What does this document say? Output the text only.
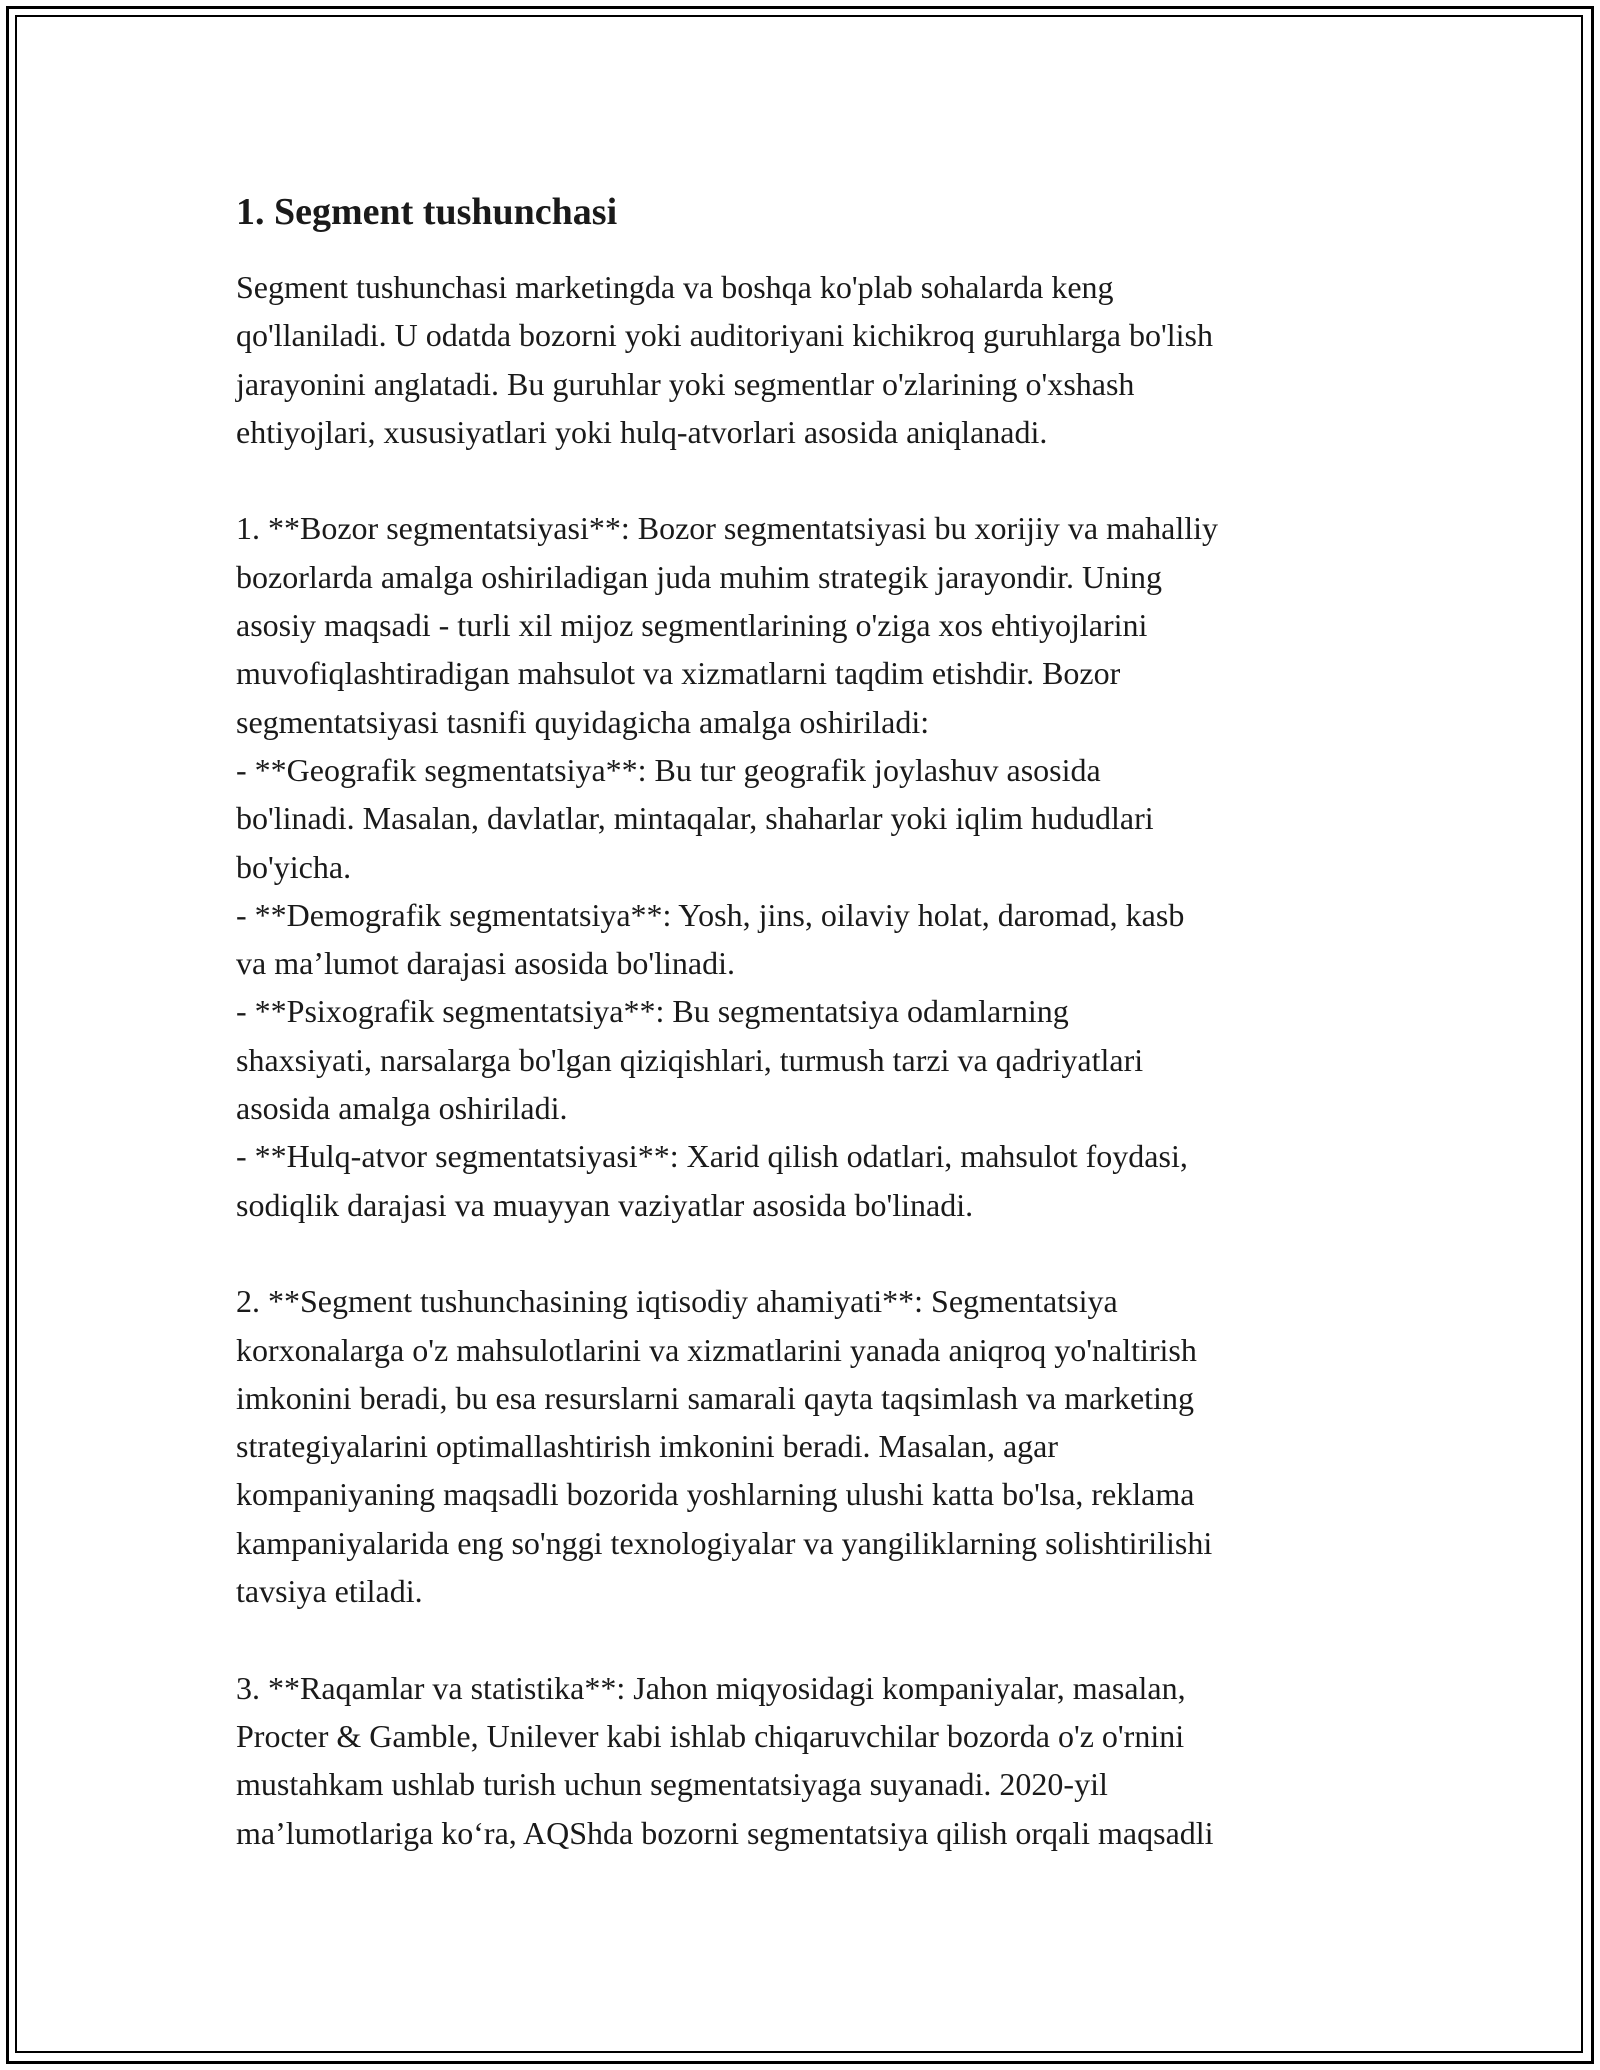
1. Segment tushunchasi

Segment tushunchasi marketingda va boshqa ko'plab sohalarda keng
qo'llaniladi. U odatda bozorni yoki auditoriyani kichikroq guruhlarga bo'lish
jarayonini anglatadi. Bu guruhlar yoki segmentlar o'zlarining o'xshash
ehtiyojlari, xususiyatlari yoki hulq-atvorlari asosida aniqlanadi.

1. **Bozor segmentatsiyasi**: Bozor segmentatsiyasi bu xorijiy va mahalliy
bozorlarda amalga oshiriladigan juda muhim strategik jarayondir. Uning
asosiy maqsadi - turli xil mijoz segmentlarining o'ziga xos ehtiyojlarini
muvofiqlashtiradigan mahsulot va xizmatlarni taqdim etishdir. Bozor
segmentatsiyasi tasnifi quyidagicha amalga oshiriladi:
- **Geografik segmentatsiya**: Bu tur geografik joylashuv asosida
bo'linadi. Masalan, davlatlar, mintaqalar, shaharlar yoki iqlim hududlari
bo'yicha.
- **Demografik segmentatsiya**: Yosh, jins, oilaviy holat, daromad, kasb
va ma’lumot darajasi asosida bo'linadi.
- **Psixografik segmentatsiya**: Bu segmentatsiya odamlarning
shaxsiyati, narsalarga bo'lgan qiziqishlari, turmush tarzi va qadriyatlari
asosida amalga oshiriladi.
- **Hulq-atvor segmentatsiyasi**: Xarid qilish odatlari, mahsulot foydasi,
sodiqlik darajasi va muayyan vaziyatlar asosida bo'linadi.

2. **Segment tushunchasining iqtisodiy ahamiyati**: Segmentatsiya
korxonalarga o'z mahsulotlarini va xizmatlarini yanada aniqroq yo'naltirish
imkonini beradi, bu esa resurslarni samarali qayta taqsimlash va marketing
strategiyalarini optimallashtirish imkonini beradi. Masalan, agar
kompaniyaning maqsadli bozorida yoshlarning ulushi katta bo'lsa, reklama
kampaniyalarida eng so'nggi texnologiyalar va yangiliklarning solishtirilishi
tavsiya etiladi.

3. **Raqamlar va statistika**: Jahon miqyosidagi kompaniyalar, masalan,
Procter & Gamble, Unilever kabi ishlab chiqaruvchilar bozorda o'z o'rnini
mustahkam ushlab turish uchun segmentatsiyaga suyanadi. 2020-yil
ma’lumotlariga ko‘ra, AQShda bozorni segmentatsiya qilish orqali maqsadli
